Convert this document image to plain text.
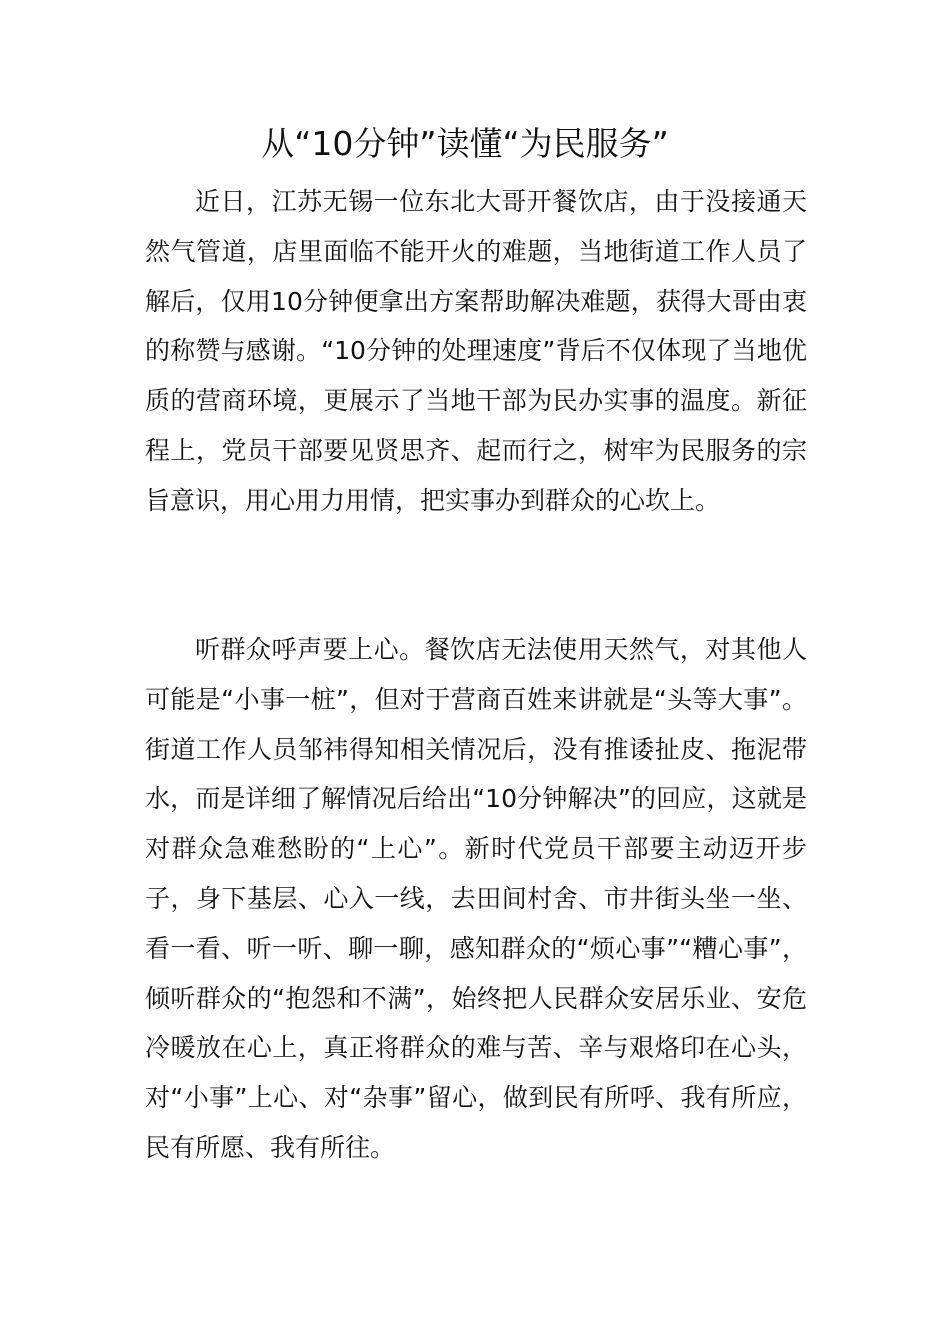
从“10分钟”读懂“为民服务”

近日，江苏无锡一位东北大哥开餐饮店，由于没接通天然气管道，店里面临不能开火的难题，当地街道工作人员了解后，仅用10分钟便拿出方案帮助解决难题，获得大哥由衷的称赞与感谢。“10分钟的处理速度”背后不仅体现了当地优质的营商环境，更展示了当地干部为民办实事的温度。新征程上，党员干部要见贤思齐、起而行之，树牢为民服务的宗旨意识，用心用力用情，把实事办到群众的心坎上。

听群众呼声要上心。餐饮店无法使用天然气，对其他人可能是“小事一桩”，但对于营商百姓来讲就是“头等大事”。街道工作人员邹祎得知相关情况后，没有推诿扯皮、拖泥带水，而是详细了解情况后给出“10分钟解决”的回应，这就是对群众急难愁盼的“上心”。新时代党员干部要主动迈开步子，身下基层、心入一线，去田间村舍、市井街头坐一坐、看一看、听一听、聊一聊，感知群众的“烦心事”“糟心事”，倾听群众的“抱怨和不满”，始终把人民群众安居乐业、安危冷暖放在心上，真正将群众的难与苦、辛与艰烙印在心头，对“小事”上心、对“杂事”留心，做到民有所呼、我有所应，民有所愿、我有所往。
